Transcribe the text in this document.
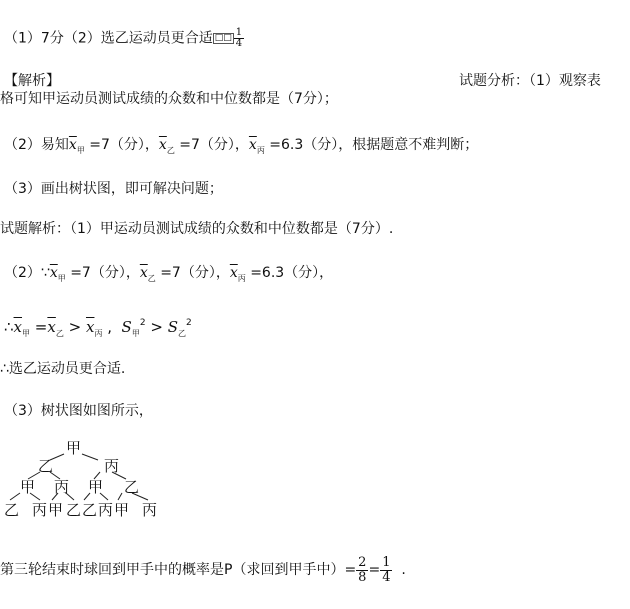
（1）7分（2）选乙运动员更合适 □□ $\frac{1}{4}$
【解析】	试题分析：（1）观察表
格可知甲运动员测试成绩的众数和中位数都是（7分）；
（2）易知$\overline{x}_甲 =7$（分），$\overline{x}_乙 =7$（分），$\overline{x}_丙 =6.3$（分），根据题意不难判断；
（3）画出树状图，即可解决问题；
试题解析：（1）甲运动员测试成绩的众数和中位数都是（7分）.
$(2)\because\overline{x}_甲 =7$（分），$\overline{x}_乙 =7$（分），$\overline{x}_丙 =6.3$（分），
$\therefore\overline{x}_甲 =\overline{x}_乙 > \overline{x}_丙$ ,  $S_甲^2 > S_乙^2$
∴选乙运动员更合适.
（3）树状图如图所示，
甲
乙	丙
甲 丙 甲 乙
乙 丙 甲 乙 乙 丙 甲 丙
第三轮结束时球回到甲手中的概率是P（求回到甲手中）= $\frac{2}{8} = \frac{1}{4}$ .
